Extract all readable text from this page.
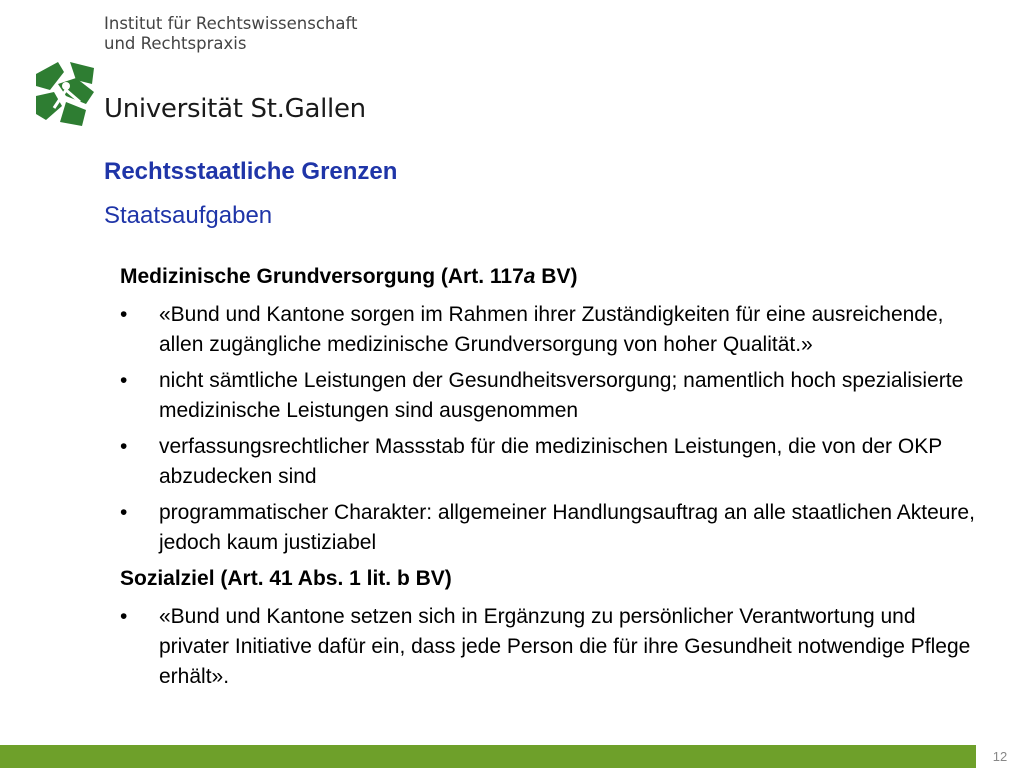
Institut für Rechtswissenschaft
und Rechtspraxis
Universität St.Gallen
Rechtsstaatliche Grenzen
Staatsaufgaben
Medizinische Grundversorgung (Art. 117a BV)
•	«Bund und Kantone sorgen im Rahmen ihrer Zuständigkeiten für eine ausreichende, allen zugängliche medizinische Grundversorgung von hoher Qualität.»
•	nicht sämtliche Leistungen der Gesundheitsversorgung; namentlich hoch spezialisierte medizinische Leistungen sind ausgenommen
•	verfassungsrechtlicher Massstab für die medizinischen Leistungen, die von der OKP abzudecken sind
•	programmatischer Charakter: allgemeiner Handlungsauftrag an alle staatlichen Akteure, jedoch kaum justiziabel
Sozialziel (Art. 41 Abs. 1 lit. b BV)
•	«Bund und Kantone setzen sich in Ergänzung zu persönlicher Verantwortung und privater Initiative dafür ein, dass jede Person die für ihre Gesundheit notwendige Pflege erhält».
12
